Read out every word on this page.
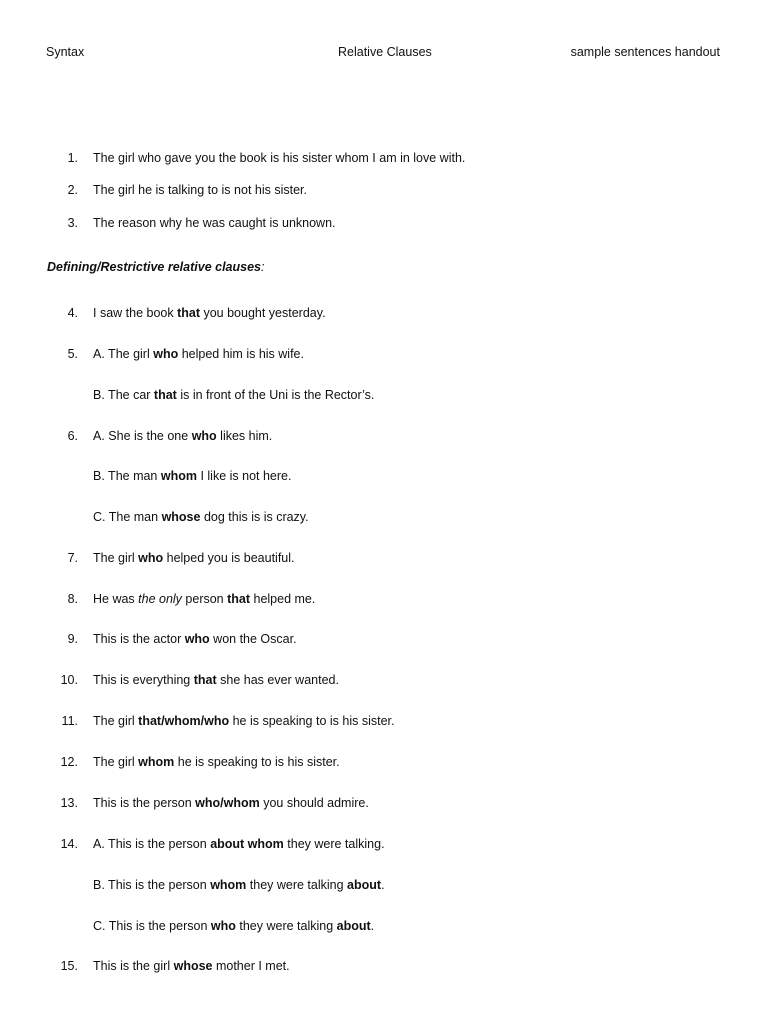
Syntax	Relative Clauses	sample sentences handout
Defining/Restrictive relative clauses:
1.	The girl who gave you the book is his sister whom I am in love with.
2.	The girl he is talking to is not his sister.
3.	The reason why he was caught is unknown.
4.	I saw the book that you bought yesterday.
5.	A. The girl who helped him is his wife.
B. The car that is in front of the Uni is the Rector’s.
6.	A. She is the one who likes him.
B. The man whom I like is not here.
C. The man whose dog this is is crazy.
7.	The girl who helped you is beautiful.
8.	He was the only person that helped me.
9.	This is the actor who won the Oscar.
10.	This is everything that she has ever wanted.
11.	The girl that/whom/who he is speaking to is his sister.
12.	The girl whom he is speaking to is his sister.
13.	This is the person who/whom you should admire.
14.	A. This is the person about whom they were talking.
B. This is the person whom they were talking about.
C. This is the person who they were talking about.
15.	This is the girl whose mother I met.
